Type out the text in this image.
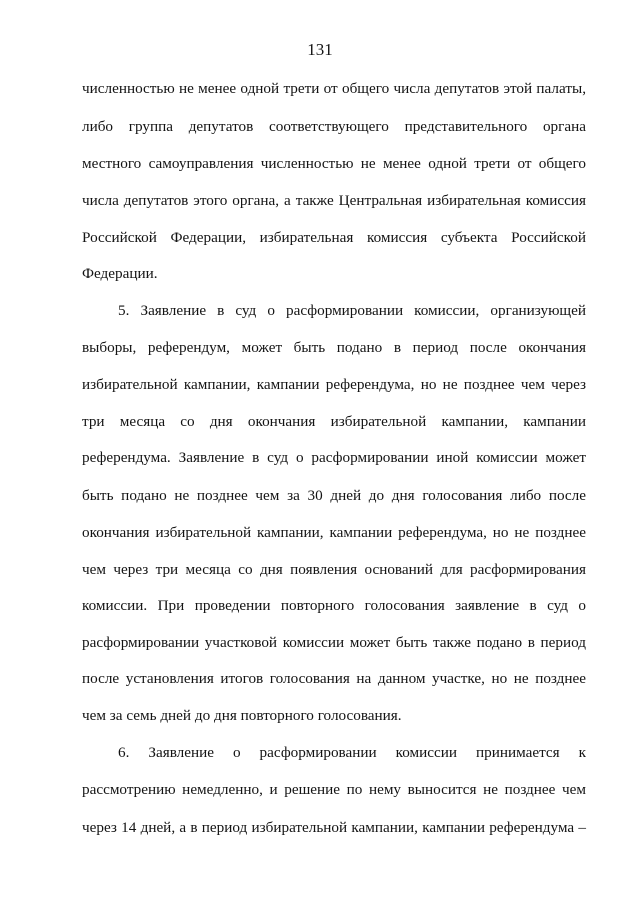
131

численностью не менее одной трети от общего числа депутатов этой палаты,

либо группа депутатов соответствующего представительного органа

местного самоуправления численностью не менее одной трети от общего

числа депутатов этого органа, а также Центральная избирательная комиссия

Российской Федерации, избирательная комиссия субъекта Российской

Федерации.

5. Заявление в суд о расформировании комиссии, организующей

выборы, референдум, может быть подано в период после окончания

избирательной кампании, кампании референдума, но не позднее чем через

три месяца со дня окончания избирательной кампании, кампании

референдума. Заявление в суд о расформировании иной комиссии может

быть подано не позднее чем за 30 дней до дня голосования либо после

окончания избирательной кампании, кампании референдума, но не позднее

чем через три месяца со дня появления оснований для расформирования

комиссии. При проведении повторного голосования заявление в суд о

расформировании участковой комиссии может быть также подано в период

после установления итогов голосования на данном участке, но не позднее

чем за семь дней до дня повторного голосования.

6. Заявление о расформировании комиссии принимается к

рассмотрению немедленно, и решение по нему выносится не позднее чем

через 14 дней, а в период избирательной кампании, кампании референдума –
